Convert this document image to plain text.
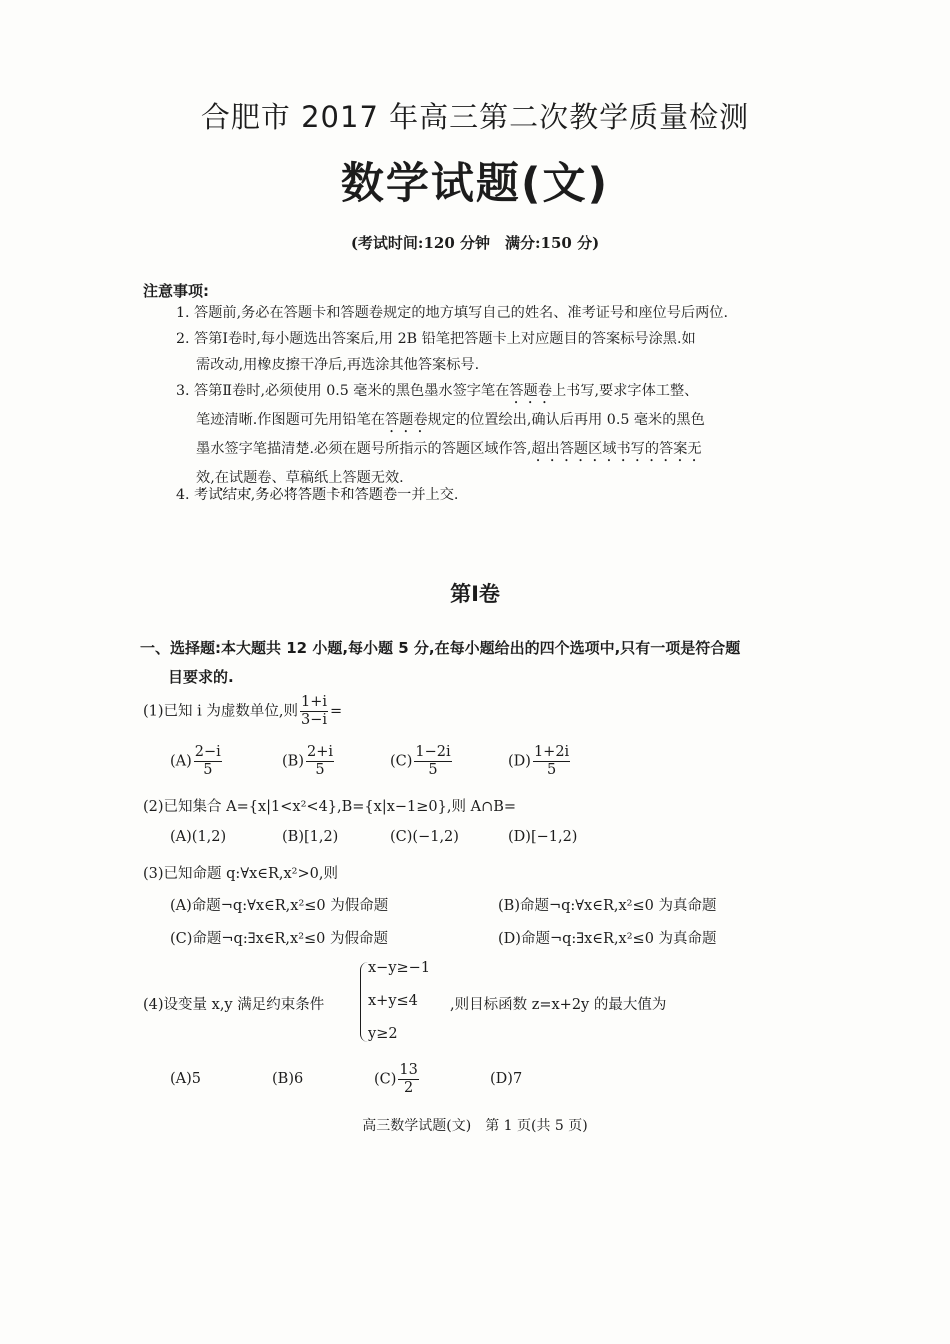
合肥市 2017 年高三第二次教学质量检测
数学试题(文)
(考试时间:120 分钟　满分:150 分)
注意事项:
1. 答题前,务必在答题卡和答题卷规定的地方填写自己的姓名、准考证号和座位号后两位.
2. 答第Ⅰ卷时,每小题选出答案后,用 2B 铅笔把答题卡上对应题目的答案标号涂黑.如
需改动,用橡皮擦干净后,再选涂其他答案标号.
3. 答第Ⅱ卷时,必须使用 0.5 毫米的黑色墨水签字笔在答题卷上书写,要求字体工整、
笔迹清晰.作图题可先用铅笔在答题卷规定的位置绘出,确认后再用 0.5 毫米的黑色
墨水签字笔描清楚.必须在题号所指示的答题区域作答,超出答题区域书写的答案无
效,在试题卷、草稿纸上答题无效.
4. 考试结束,务必将答题卡和答题卷一并上交.
第Ⅰ卷
一、选择题:本大题共 12 小题,每小题 5 分,在每小题给出的四个选项中,只有一项是符合题
目要求的.
(1)已知 i 为虚数单位,则 $\frac{1+i}{3-i}$ =
$(A) \frac{2-i}{5}$	$(B) \frac{2+i}{5}$	$(C) \frac{1-2i}{5}$	$(D) \frac{1+2i}{5}$
(2)已知集合 A={x|1<x²<4},B={x|x−1≥0},则 A∩B=
(A)(1,2)	(B)[1,2)	(C)(−1,2)	(D)[−1,2)
(3)已知命题 q:∀x∈R,x²>0,则
(A)命题¬q:∀x∈R,x²≤0 为假命题	(B)命题¬q:∀x∈R,x²≤0 为真命题
(C)命题¬q:∃x∈R,x²≤0 为假命题	(D)命题¬q:∃x∈R,x²≤0 为真命题
(4)设变量 x,y 满足约束条件
x−y≥−1
x+y≤4
y≥2
,则目标函数 z=x+2y 的最大值为
(A)5	(B)6	$(C) \frac{13}{2}$	(D)7
高三数学试题(文)　第 1 页(共 5 页)
